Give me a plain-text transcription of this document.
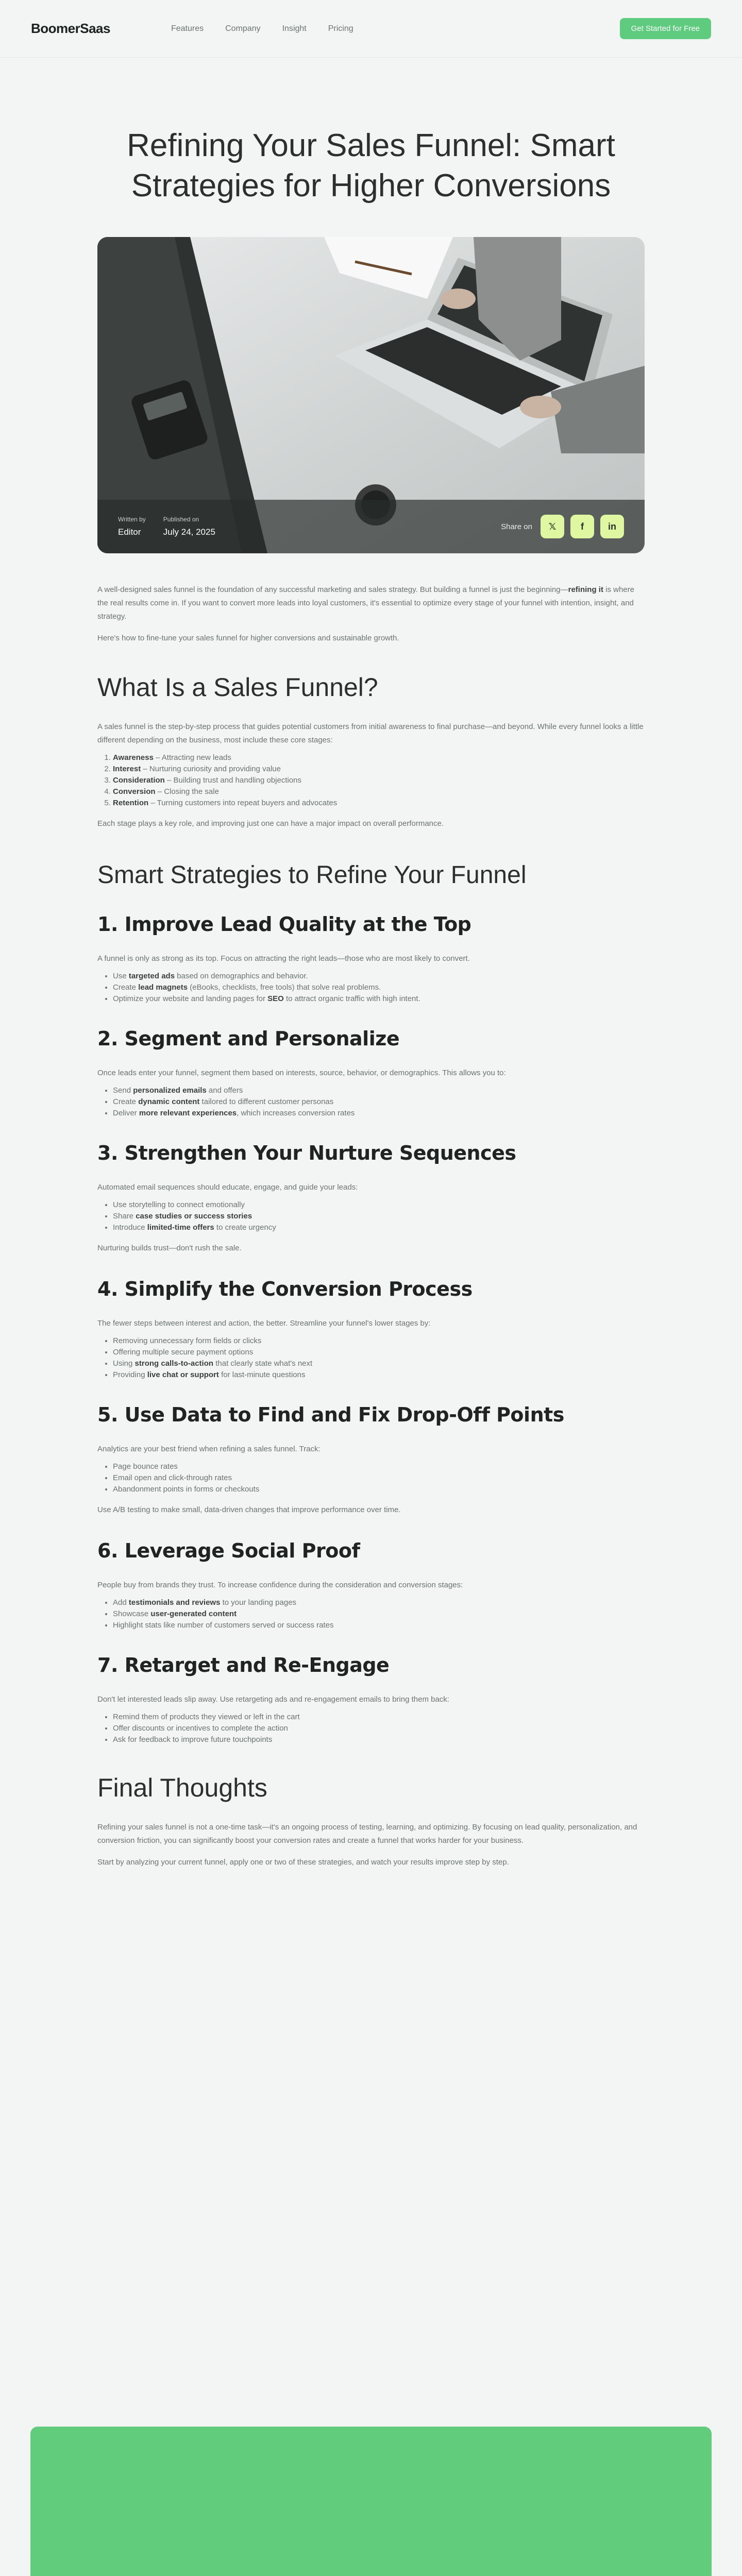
BoomerSaas	Features	Company	Insight	Pricing	Get Started for Free
Refining Your Sales Funnel: Smart Strategies for Higher Conversions
Written by
Editor
Published on
July 24, 2025
Share on	𝕏	f	in

A well-designed sales funnel is the foundation of any successful marketing and sales strategy. But building a funnel is just the beginning—refining it is where the real results come in. If you want to convert more leads into loyal customers, it's essential to optimize every stage of your funnel with intention, insight, and strategy.

Here's how to fine-tune your sales funnel for higher conversions and sustainable growth.

What Is a Sales Funnel?

A sales funnel is the step-by-step process that guides potential customers from initial awareness to final purchase—and beyond. While every funnel looks a little different depending on the business, most include these core stages:

1. Awareness – Attracting new leads
2. Interest – Nurturing curiosity and providing value
3. Consideration – Building trust and handling objections
4. Conversion – Closing the sale
5. Retention – Turning customers into repeat buyers and advocates

Each stage plays a key role, and improving just one can have a major impact on overall performance.

Smart Strategies to Refine Your Funnel
1. Improve Lead Quality at the Top

A funnel is only as strong as its top. Focus on attracting the right leads—those who are most likely to convert.

• Use targeted ads based on demographics and behavior.
• Create lead magnets (eBooks, checklists, free tools) that solve real problems.
• Optimize your website and landing pages for SEO to attract organic traffic with high intent.
2. Segment and Personalize

Once leads enter your funnel, segment them based on interests, source, behavior, or demographics. This allows you to:

• Send personalized emails and offers
• Create dynamic content tailored to different customer personas
• Deliver more relevant experiences, which increases conversion rates
3. Strengthen Your Nurture Sequences

Automated email sequences should educate, engage, and guide your leads:

• Use storytelling to connect emotionally
• Share case studies or success stories
• Introduce limited-time offers to create urgency

Nurturing builds trust—don't rush the sale.

4. Simplify the Conversion Process

The fewer steps between interest and action, the better. Streamline your funnel's lower stages by:

• Removing unnecessary form fields or clicks
• Offering multiple secure payment options
• Using strong calls-to-action that clearly state what's next
• Providing live chat or support for last-minute questions
5. Use Data to Find and Fix Drop-Off Points

Analytics are your best friend when refining a sales funnel. Track:

• Page bounce rates
• Email open and click-through rates
• Abandonment points in forms or checkouts

Use A/B testing to make small, data-driven changes that improve performance over time.

6. Leverage Social Proof

People buy from brands they trust. To increase confidence during the consideration and conversion stages:

• Add testimonials and reviews to your landing pages
• Showcase user-generated content
• Highlight stats like number of customers served or success rates
7. Retarget and Re-Engage

Don't let interested leads slip away. Use retargeting ads and re-engagement emails to bring them back:

• Remind them of products they viewed or left in the cart
• Offer discounts or incentives to complete the action
• Ask for feedback to improve future touchpoints
Final Thoughts

Refining your sales funnel is not a one-time task—it's an ongoing process of testing, learning, and optimizing. By focusing on lead quality, personalization, and conversion friction, you can significantly boost your conversion rates and create a funnel that works harder for your business.

Start by analyzing your current funnel, apply one or two of these strategies, and watch your results improve step by step.
